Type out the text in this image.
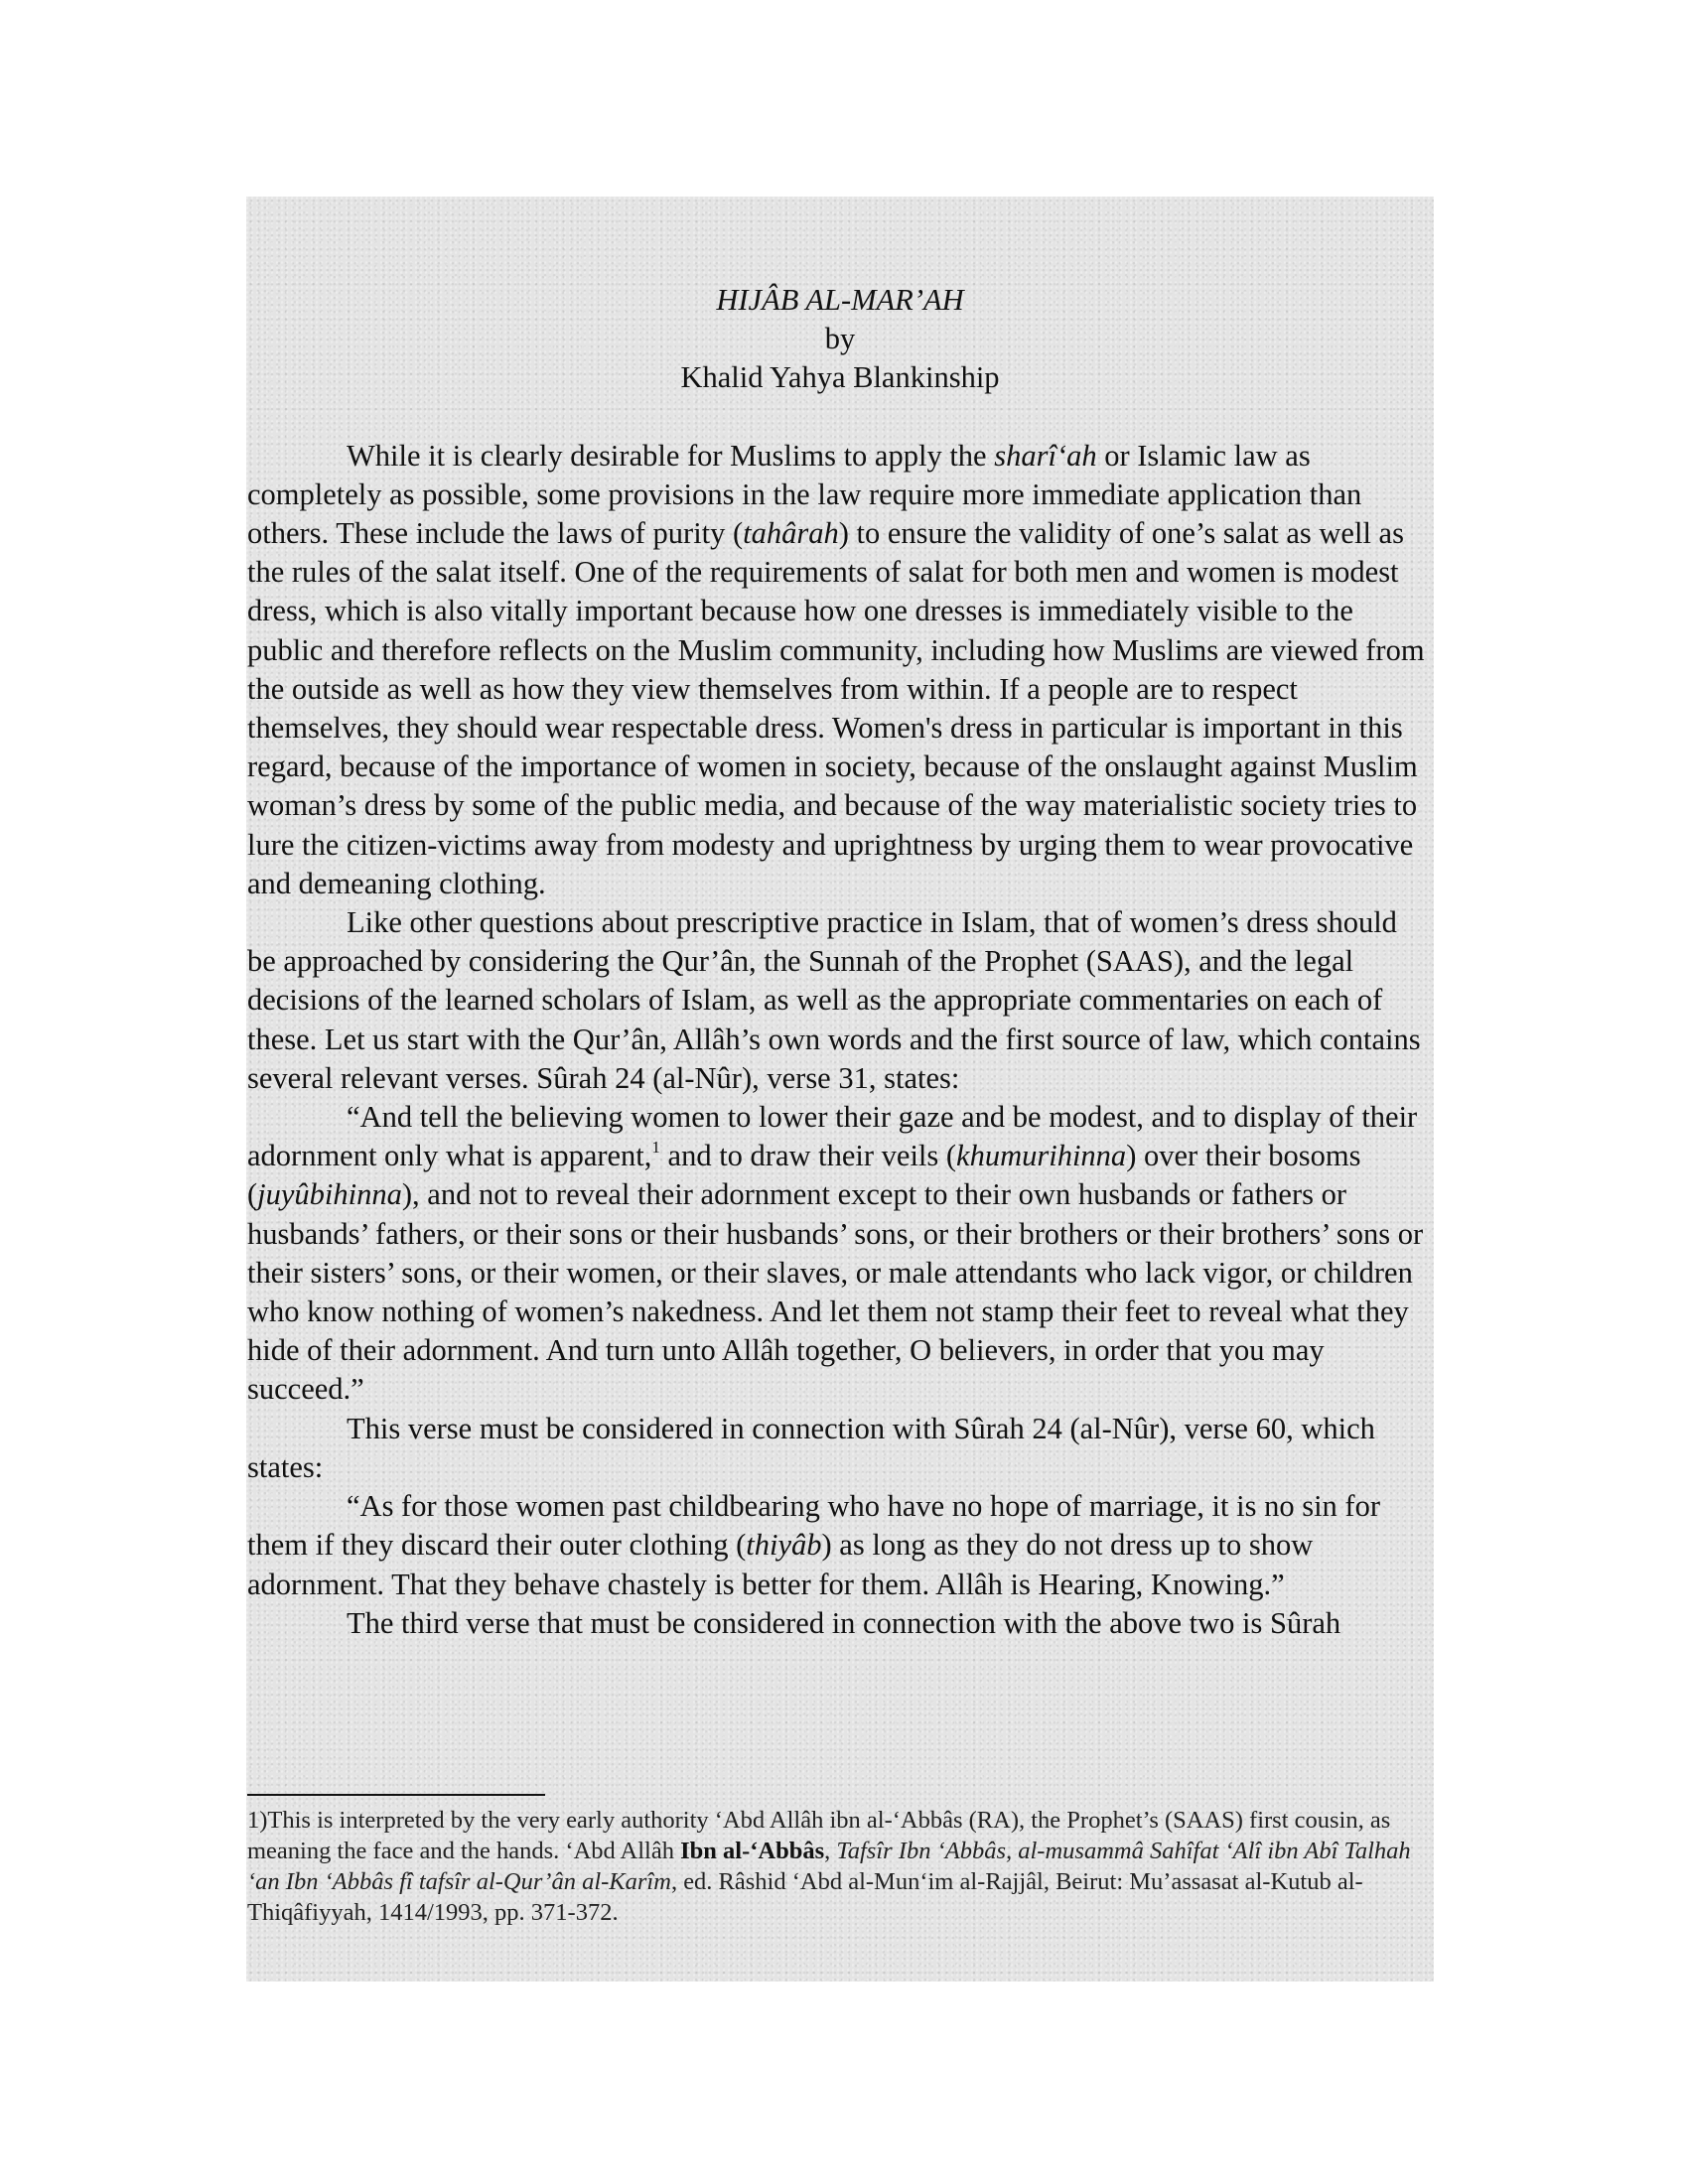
HIJÂB AL-MAR’AH
by
Khalid Yahya Blankinship

While it is clearly desirable for Muslims to apply the sharî‘ah or Islamic law as completely as possible, some provisions in the law require more immediate application than others. These include the laws of purity (tahârah) to ensure the validity of one’s salat as well as the rules of the salat itself. One of the requirements of salat for both men and women is modest dress, which is also vitally important because how one dresses is immediately visible to the public and therefore reflects on the Muslim community, including how Muslims are viewed from the outside as well as how they view themselves from within. If a people are to respect themselves, they should wear respectable dress. Women's dress in particular is important in this regard, because of the importance of women in society, because of the onslaught against Muslim woman’s dress by some of the public media, and because of the way materialistic society tries to lure the citizen-victims away from modesty and uprightness by urging them to wear provocative and demeaning clothing.

Like other questions about prescriptive practice in Islam, that of women’s dress should be approached by considering the Qur’ân, the Sunnah of the Prophet (SAAS), and the legal decisions of the learned scholars of Islam, as well as the appropriate commentaries on each of these. Let us start with the Qur’ân, Allâh’s own words and the first source of law, which contains several relevant verses. Sûrah 24 (al-Nûr), verse 31, states:

“And tell the believing women to lower their gaze and be modest, and to display of their adornment only what is apparent,$^1$ and to draw their veils (khumurihinna) over their bosoms (juyûbihinna), and not to reveal their adornment except to their own husbands or fathers or husbands’ fathers, or their sons or their husbands’ sons, or their brothers or their brothers’ sons or their sisters’ sons, or their women, or their slaves, or male attendants who lack vigor, or children who know nothing of women’s nakedness. And let them not stamp their feet to reveal what they hide of their adornment. And turn unto Allâh together, O believers, in order that you may succeed.”

This verse must be considered in connection with Sûrah 24 (al-Nûr), verse 60, which states:

“As for those women past childbearing who have no hope of marriage, it is no sin for them if they discard their outer clothing (thiyâb) as long as they do not dress up to show adornment. That they behave chastely is better for them. Allâh is Hearing, Knowing.”

The third verse that must be considered in connection with the above two is Sûrah

1)This is interpreted by the very early authority ‘Abd Allâh ibn al-‘Abbâs (RA), the Prophet’s (SAAS) first cousin, as meaning the face and the hands. ‘Abd Allâh Ibn al-‘Abbâs, Tafsîr Ibn ‘Abbâs, al-musammâ Sahîfat ‘Alî ibn Abî Talhah ‘an Ibn ‘Abbâs fî tafsîr al-Qur’ân al-Karîm, ed. Râshid ‘Abd al-Mun‘im al-Rajjâl, Beirut: Mu’assasat al-Kutub al-Thiqâfiyyah, 1414/1993, pp. 371-372.
